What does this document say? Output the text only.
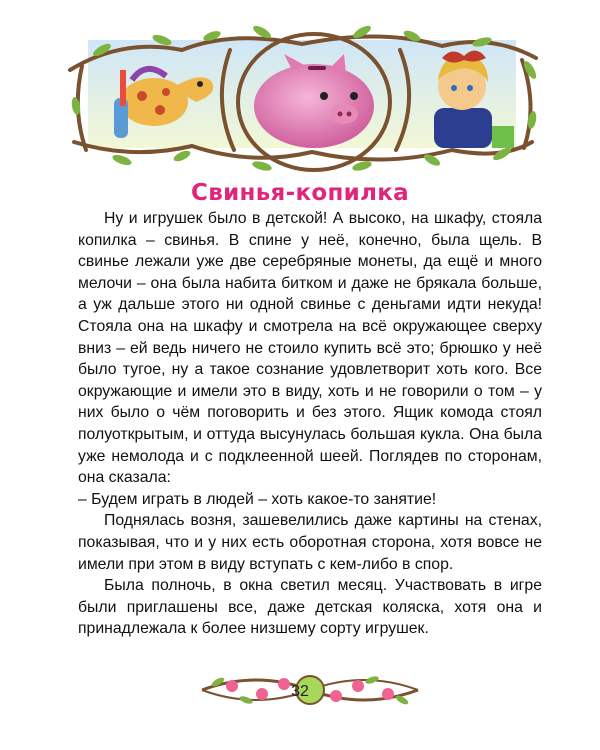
Свинья-копилка

Ну и игрушек было в детской! А высоко, на шкафу, стояла копилка – свинья. В спине у неё, конечно, была щель. В свинье лежали уже две серебряные монеты, да ещё и много мелочи – она была набита битком и даже не брякала больше, а уж дальше этого ни одной свинье с деньгами идти некуда! Стояла она на шкафу и смотрела на всё окружающее сверху вниз – ей ведь ничего не стоило купить всё это; брюшко у неё было тугое, ну а такое сознание удовлетворит хоть кого. Все окружающие и имели это в виду, хоть и не говорили о том – у них было о чём поговорить и без этого. Ящик комода стоял полуоткрытым, и оттуда высунулась большая кукла. Она была уже немолода и с подклеенной шеей. Поглядев по сторонам, она сказала:

– Будем играть в людей – хоть какое-то занятие!

Поднялась возня, зашевелились даже картины на стенах, показывая, что и у них есть оборотная сторона, хотя вовсе не имели при этом в виду вступать с кем-либо в спор.

Была полночь, в окна светил месяц. Участвовать в игре были приглашены все, даже детская коляска, хотя она и принадлежала к более низшему сорту игрушек.

32
